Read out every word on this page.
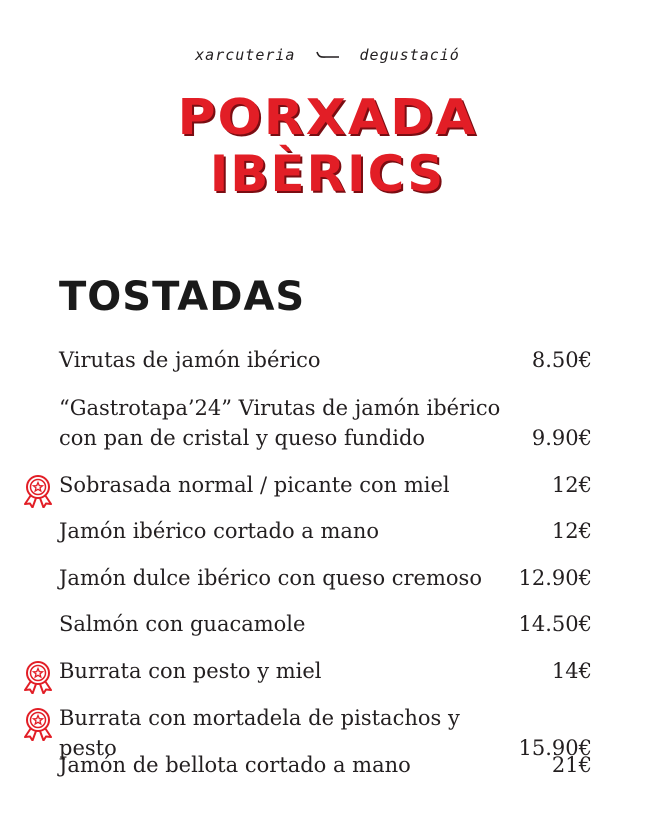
xarcuteria	degustació
PORXADA
IBÈRICS
TOSTADAS
Virutas de jamón ibérico	8.50€
“Gastrotapa’24” Virutas de jamón ibérico con pan de cristal y queso fundido	9.90€
Sobrasada normal / picante con miel	12€
Jamón ibérico cortado a mano	12€
Jamón dulce ibérico con queso cremoso	12.90€
Salmón con guacamole	14.50€
Burrata con pesto y miel	14€
Burrata con mortadela de pistachos y pesto	15.90€
Jamón de bellota cortado a mano	21€
